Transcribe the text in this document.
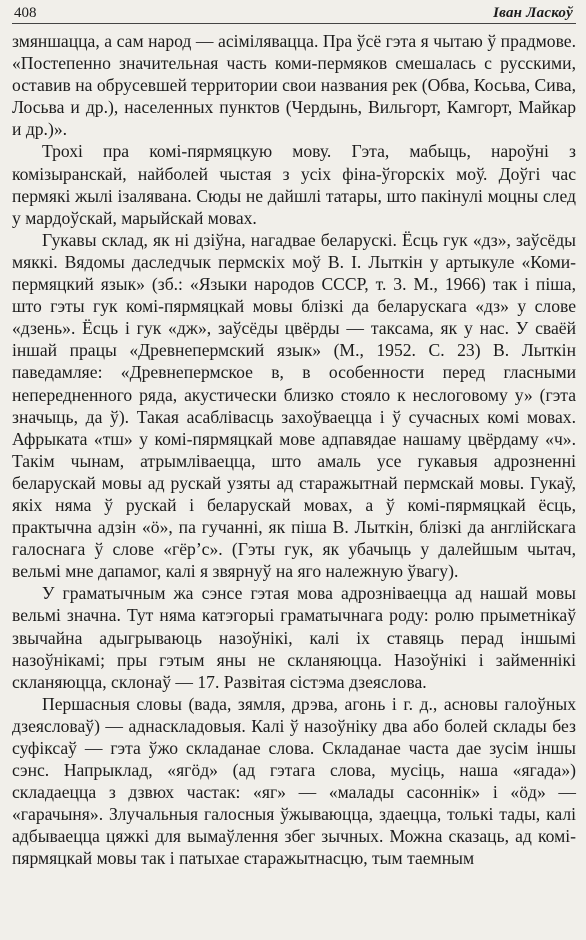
408	Іван Ласкоў

змяншацца, а сам народ — асімілявацца. Пра ўсё гэта я чытаю ў прадмове. «Постепенно значительная часть коми-пермяков смешалась с русскими, оставив на обрусевшей территории свои названия рек (Обва, Косьва, Сива, Лосьва и др.), населенных пунктов (Чердынь, Вильгорт, Камгорт, Майкар и др.)».

Трохі пра комі-пярмяцкую мову. Гэта, мабыць, нароўні з комізыранскай, найболей чыстая з усіх фіна-ўгорскіх моў. Доўгі час пермякі жылі ізалявана. Сюды не дайшлі татары, што пакінулі моцны след у мардоўскай, марыйскай мовах.

Гукавы склад, як ні дзіўна, нагадвае беларускі. Ёсць гук «дз», заўсёды мяккі. Вядомы даследчык пермскіх моў В. І. Лыткін у артыкуле «Коми-пермяцкий язык» (зб.: «Языки народов СССР, т. 3. М., 1966) так і піша, што гэты гук комі-пярмяцкай мовы блізкі да беларускага «дз» у слове «дзень». Ёсць і гук «дж», заўсёды цвёрды — таксама, як у нас. У сваёй іншай працы «Древнепермский язык» (М., 1952. С. 23) В. Лыткін паведамляе: «Древнепермское в, в особенности перед гласными непередненного ряда, акустически близко стояло к неслоговому у» (гэта значыць, да ў). Такая асаблівасць захоўваецца і ў сучасных комі мовах. Афрыката «тш» у комі-пярмяцкай мове адпавядае нашаму цвёрдаму «ч». Такім чынам, атрымліваецца, што амаль усе гукавыя адрозненні беларускай мовы ад рускай узяты ад старажытнай пермскай мовы. Гукаў, якіх няма ў рускай і беларускай мовах, а ў комі-пярмяцкай ёсць, практычна адзін «ö», па гучанні, як піша В. Лыткін, блізкі да англійскага галоснага ў слове «гёр’с». (Гэты гук, як убачыць у далейшым чытач, вельмі мне дапамог, калі я звярнуў на яго належную ўвагу).

У граматычным жа сэнсе гэтая мова адрозніваецца ад нашай мовы вельмі значна. Тут няма катэгорыі граматычнага роду: ролю прыметнікаў звычайна адыгрываюць назоўнікі, калі іх ставяць перад іншымі назоўнікамі; пры гэтым яны не скланяюцца. Назоўнікі і займеннікі скланяюцца, склонаў — 17. Развітая сістэма дзеяслова.

Першасныя словы (вада, зямля, дрэва, агонь і г. д., асновы галоўных дзеясловаў) — аднаскладовыя. Калі ў назоўніку два або болей склады без суфіксаў — гэта ўжо складанае слова. Складанае часта дае зусім іншы сэнс. Напрыклад, «ягöд» (ад гэтага слова, мусіць, наша «ягада») складаецца з дзвюх частак: «яг» — «малады сасоннік» і «öд» — «гарачыня». Злучальныя галосныя ўжываюцца, здаецца, толькі тады, калі адбываецца цяжкі для вымаўлення збег зычных. Можна сказаць, ад комі-пярмяцкай мовы так і патыхае старажытнасцю, тым таемным
